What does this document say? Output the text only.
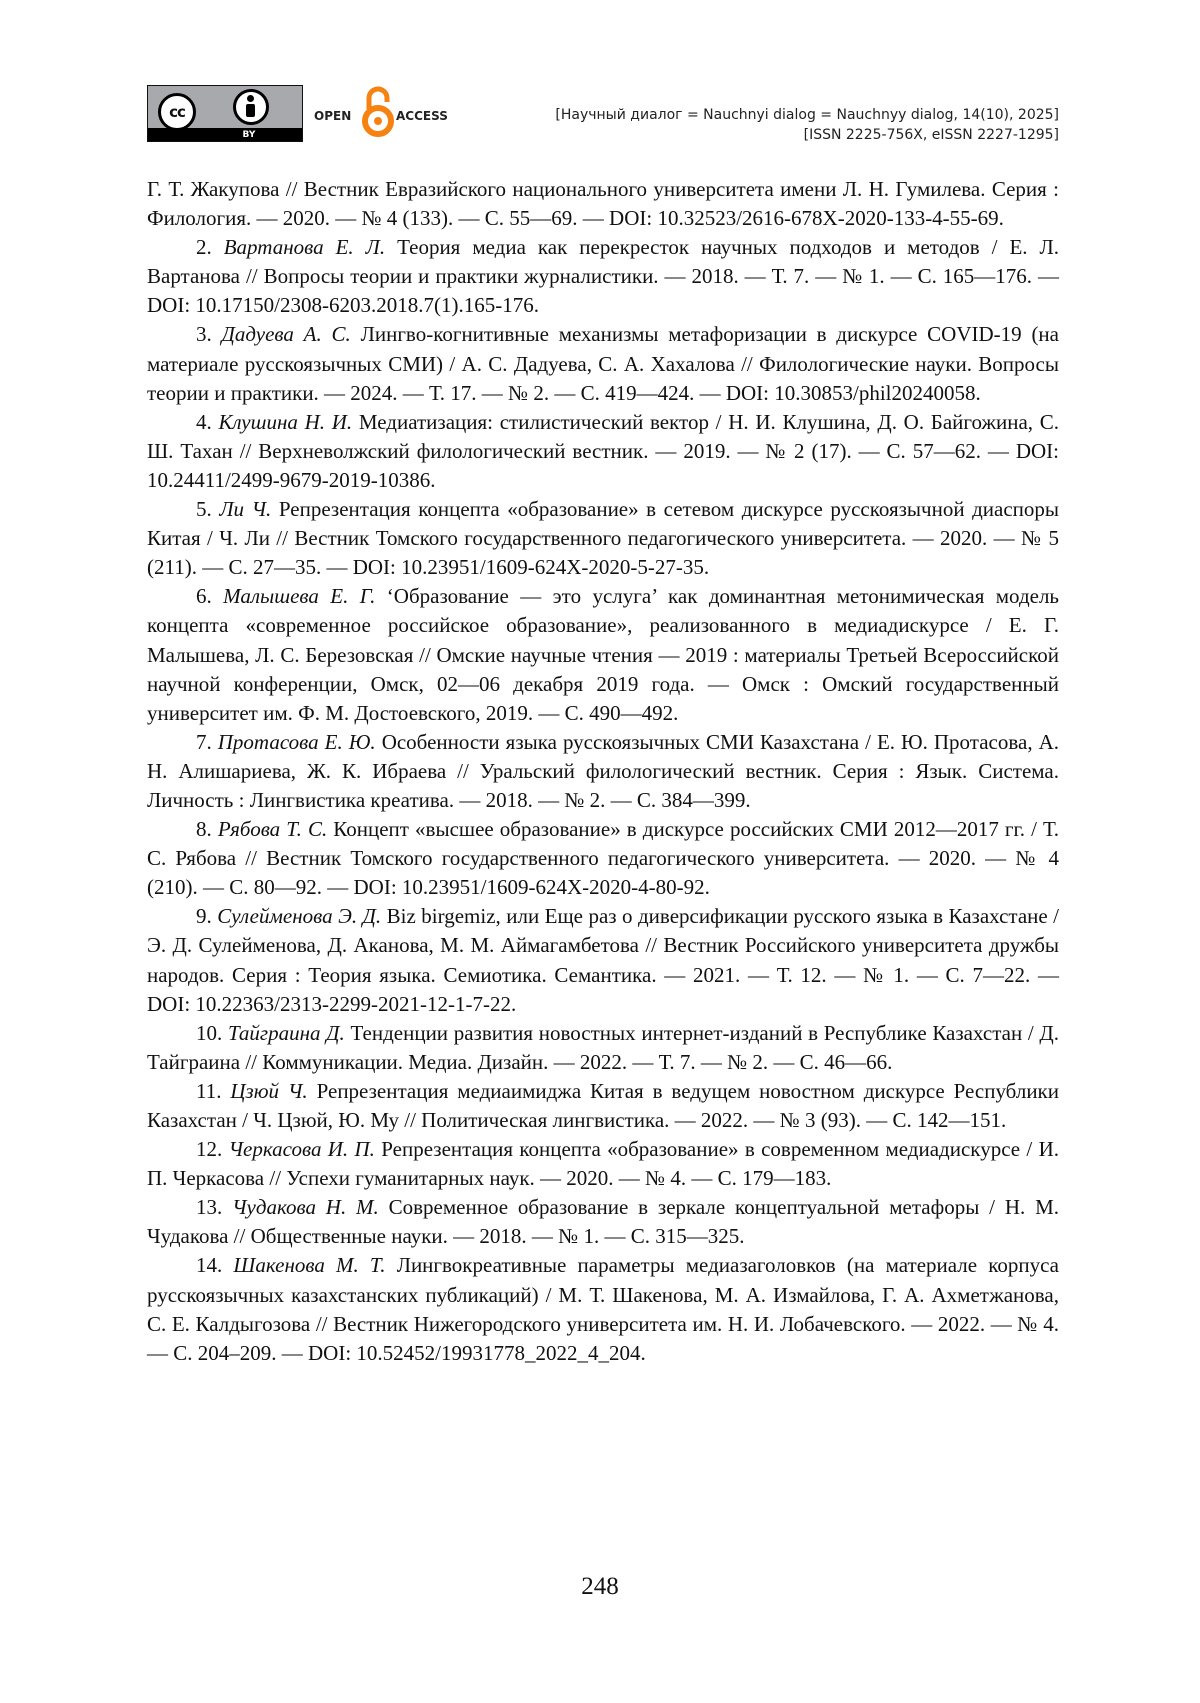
cc
BY
OPEN	ACCESS	[Научный диалог = Nauchnyi dialog = Nauchnyy dialog, 14(10), 2025]
[ISSN 2225-756X, eISSN 2227-1295]

Г. Т. Жакупова // Вестник Евразийского национального университета имени Л. Н. Гумилева. Серия : Филология. — 2020. — № 4 (133). — С. 55—69. — DOI: 10.32523/2616-678X-2020-133-4-55-69.

2. Вартанова Е. Л. Теория медиа как перекресток научных подходов и методов / Е. Л. Вартанова // Вопросы теории и практики журналистики. — 2018. — Т. 7. — № 1. — С. 165—176. — DOI: 10.17150/2308-6203.2018.7(1).165-176.

3. Дадуева А. С. Лингво-когнитивные механизмы метафоризации в дискурсе COVID-19 (на материале русскоязычных СМИ) / А. С. Дадуева, С. А. Хахалова // Филологические науки. Вопросы теории и практики. — 2024. — Т. 17. — № 2. — С. 419—424. — DOI: 10.30853/phil20240058.

4. Клушина Н. И. Медиатизация: стилистический вектор / Н. И. Клушина, Д. О. Байгожина, С. Ш. Тахан // Верхневолжский филологический вестник. — 2019. — № 2 (17). — С. 57—62. — DOI: 10.24411/2499-9679-2019-10386.

5. Ли Ч. Репрезентация концепта «образование» в сетевом дискурсе русскоязычной диаспоры Китая / Ч. Ли // Вестник Томского государственного педагогического университета. — 2020. — № 5 (211). — С. 27—35. — DOI: 10.23951/1609-624X-2020-5-27-35.

6. Малышева Е. Г. ‘Образование — это услуга’ как доминантная метонимическая модель концепта «современное российское образование», реализованного в медиадискурсе / Е. Г. Малышева, Л. С. Березовская // Омские научные чтения — 2019 : материалы Третьей Всероссийской научной конференции, Омск, 02—06 декабря 2019 года. — Омск : Омский государственный университет им. Ф. М. Достоевского, 2019. — С. 490—492.

7. Протасова Е. Ю. Особенности языка русскоязычных СМИ Казахстана / Е. Ю. Протасова, А. Н. Алишариева, Ж. К. Ибраева // Уральский филологический вестник. Серия : Язык. Система. Личность : Лингвистика креатива. — 2018. — № 2. — С. 384—399.

8. Рябова Т. С. Концепт «высшее образование» в дискурсе российских СМИ 2012—2017 гг. / Т. С. Рябова // Вестник Томского государственного педагогического университета. — 2020. — № 4 (210). — С. 80—92. — DOI: 10.23951/1609-624X-2020-4-80-92.

9. Сулейменова Э. Д. Biz birgemiz, или Еще раз о диверсификации русского языка в Казахстане / Э. Д. Сулейменова, Д. Аканова, М. М. Аймагамбетова // Вестник Российского университета дружбы народов. Серия : Теория языка. Семиотика. Семантика. — 2021. — Т. 12. — № 1. — С. 7—22. — DOI: 10.22363/2313-2299-2021-12-1-7-22.

10. Тайграина Д. Тенденции развития новостных интернет-изданий в Республике Казахстан / Д. Тайграина // Коммуникации. Медиа. Дизайн. — 2022. — Т. 7. — № 2. — С. 46—66.

11. Цзюй Ч. Репрезентация медиаимиджа Китая в ведущем новостном дискурсе Республики Казахстан / Ч. Цзюй, Ю. Му // Политическая лингвистика. — 2022. — № 3 (93). — С. 142—151.

12. Черкасова И. П. Репрезентация концепта «образование» в современном медиадискурсе / И. П. Черкасова // Успехи гуманитарных наук. — 2020. — № 4. — С. 179—183.

13. Чудакова Н. М. Современное образование в зеркале концептуальной метафоры / Н. М. Чудакова // Общественные науки. — 2018. — № 1. — С. 315—325.

14. Шакенова М. Т. Лингвокреативные параметры медиазаголовков (на материале корпуса русскоязычных казахстанских публикаций) / М. Т. Шакенова, М. А. Измайлова, Г. А. Ахметжанова, С. Е. Калдыгозова // Вестник Нижегородского университета им. Н. И. Лобачевского. — 2022. — № 4. — С. 204–209. — DOI: 10.52452/19931778_2022_4_204.

248
